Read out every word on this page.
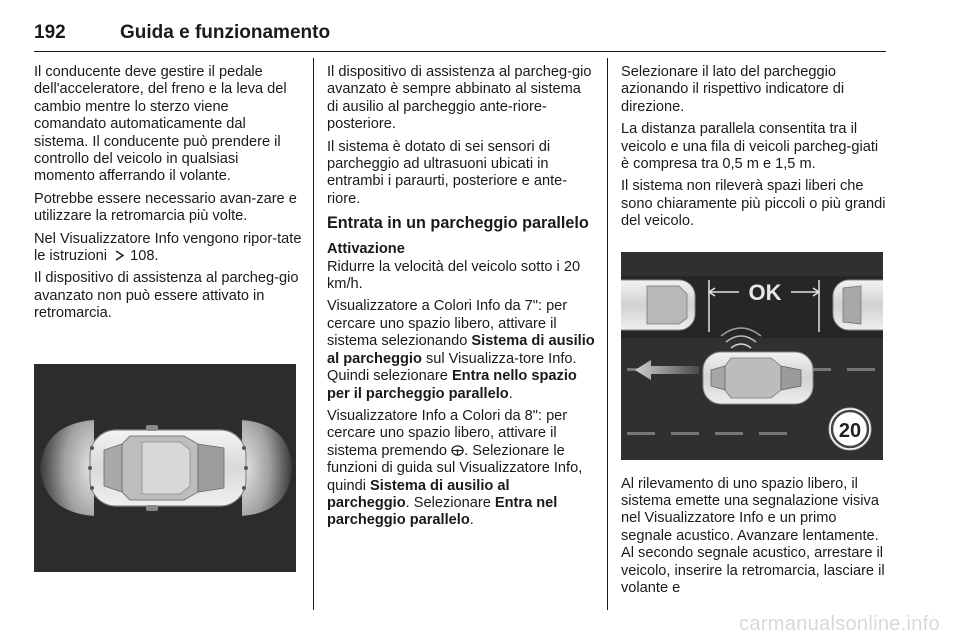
192	Guida e funzionamento

Il conducente deve gestire il pedale dell'acceleratore, del freno e la leva del cambio mentre lo sterzo viene comandato automaticamente dal sistema. Il conducente può prendere il controllo del veicolo in qualsiasi momento afferrando il volante.

Potrebbe essere necessario avan-zare e utilizzare la retromarcia più volte.

Nel Visualizzatore Info vengono ripor-tate le istruzioni 108.

Il dispositivo di assistenza al parcheg-gio avanzato non può essere attivato in retromarcia.

Il dispositivo di assistenza al parcheg-gio avanzato è sempre abbinato al sistema di ausilio al parcheggio ante-riore-posteriore.

Il sistema è dotato di sei sensori di parcheggio ad ultrasuoni ubicati in entrambi i paraurti, posteriore e ante-riore.

Entrata in un parcheggio parallelo
Attivazione

Ridurre la velocità del veicolo sotto i 20 km/h.

Visualizzatore a Colori Info da 7": per cercare uno spazio libero, attivare il sistema selezionando Sistema di ausilio al parcheggio sul Visualizza-tore Info. Quindi selezionare Entra nello spazio per il parcheggio parallelo.

Visualizzatore Info a Colori da 8": per cercare uno spazio libero, attivare il sistema premendo . Selezionare le funzioni di guida sul Visualizzatore Info, quindi Sistema di ausilio al parcheggio. Selezionare Entra nel parcheggio parallelo.

Selezionare il lato del parcheggio azionando il rispettivo indicatore di direzione.

La distanza parallela consentita tra il veicolo e una fila di veicoli parcheg-giati è compresa tra 0,5 m e 1,5 m.

Il sistema non rileverà spazi liberi che sono chiaramente più piccoli o più grandi del veicolo.

Al rilevamento di uno spazio libero, il sistema emette una segnalazione visiva nel Visualizzatore Info e un primo segnale acustico. Avanzare lentamente. Al secondo segnale acustico, arrestare il veicolo, inserire la retromarcia, lasciare il volante e

OK
20
carmanualsonline.info
